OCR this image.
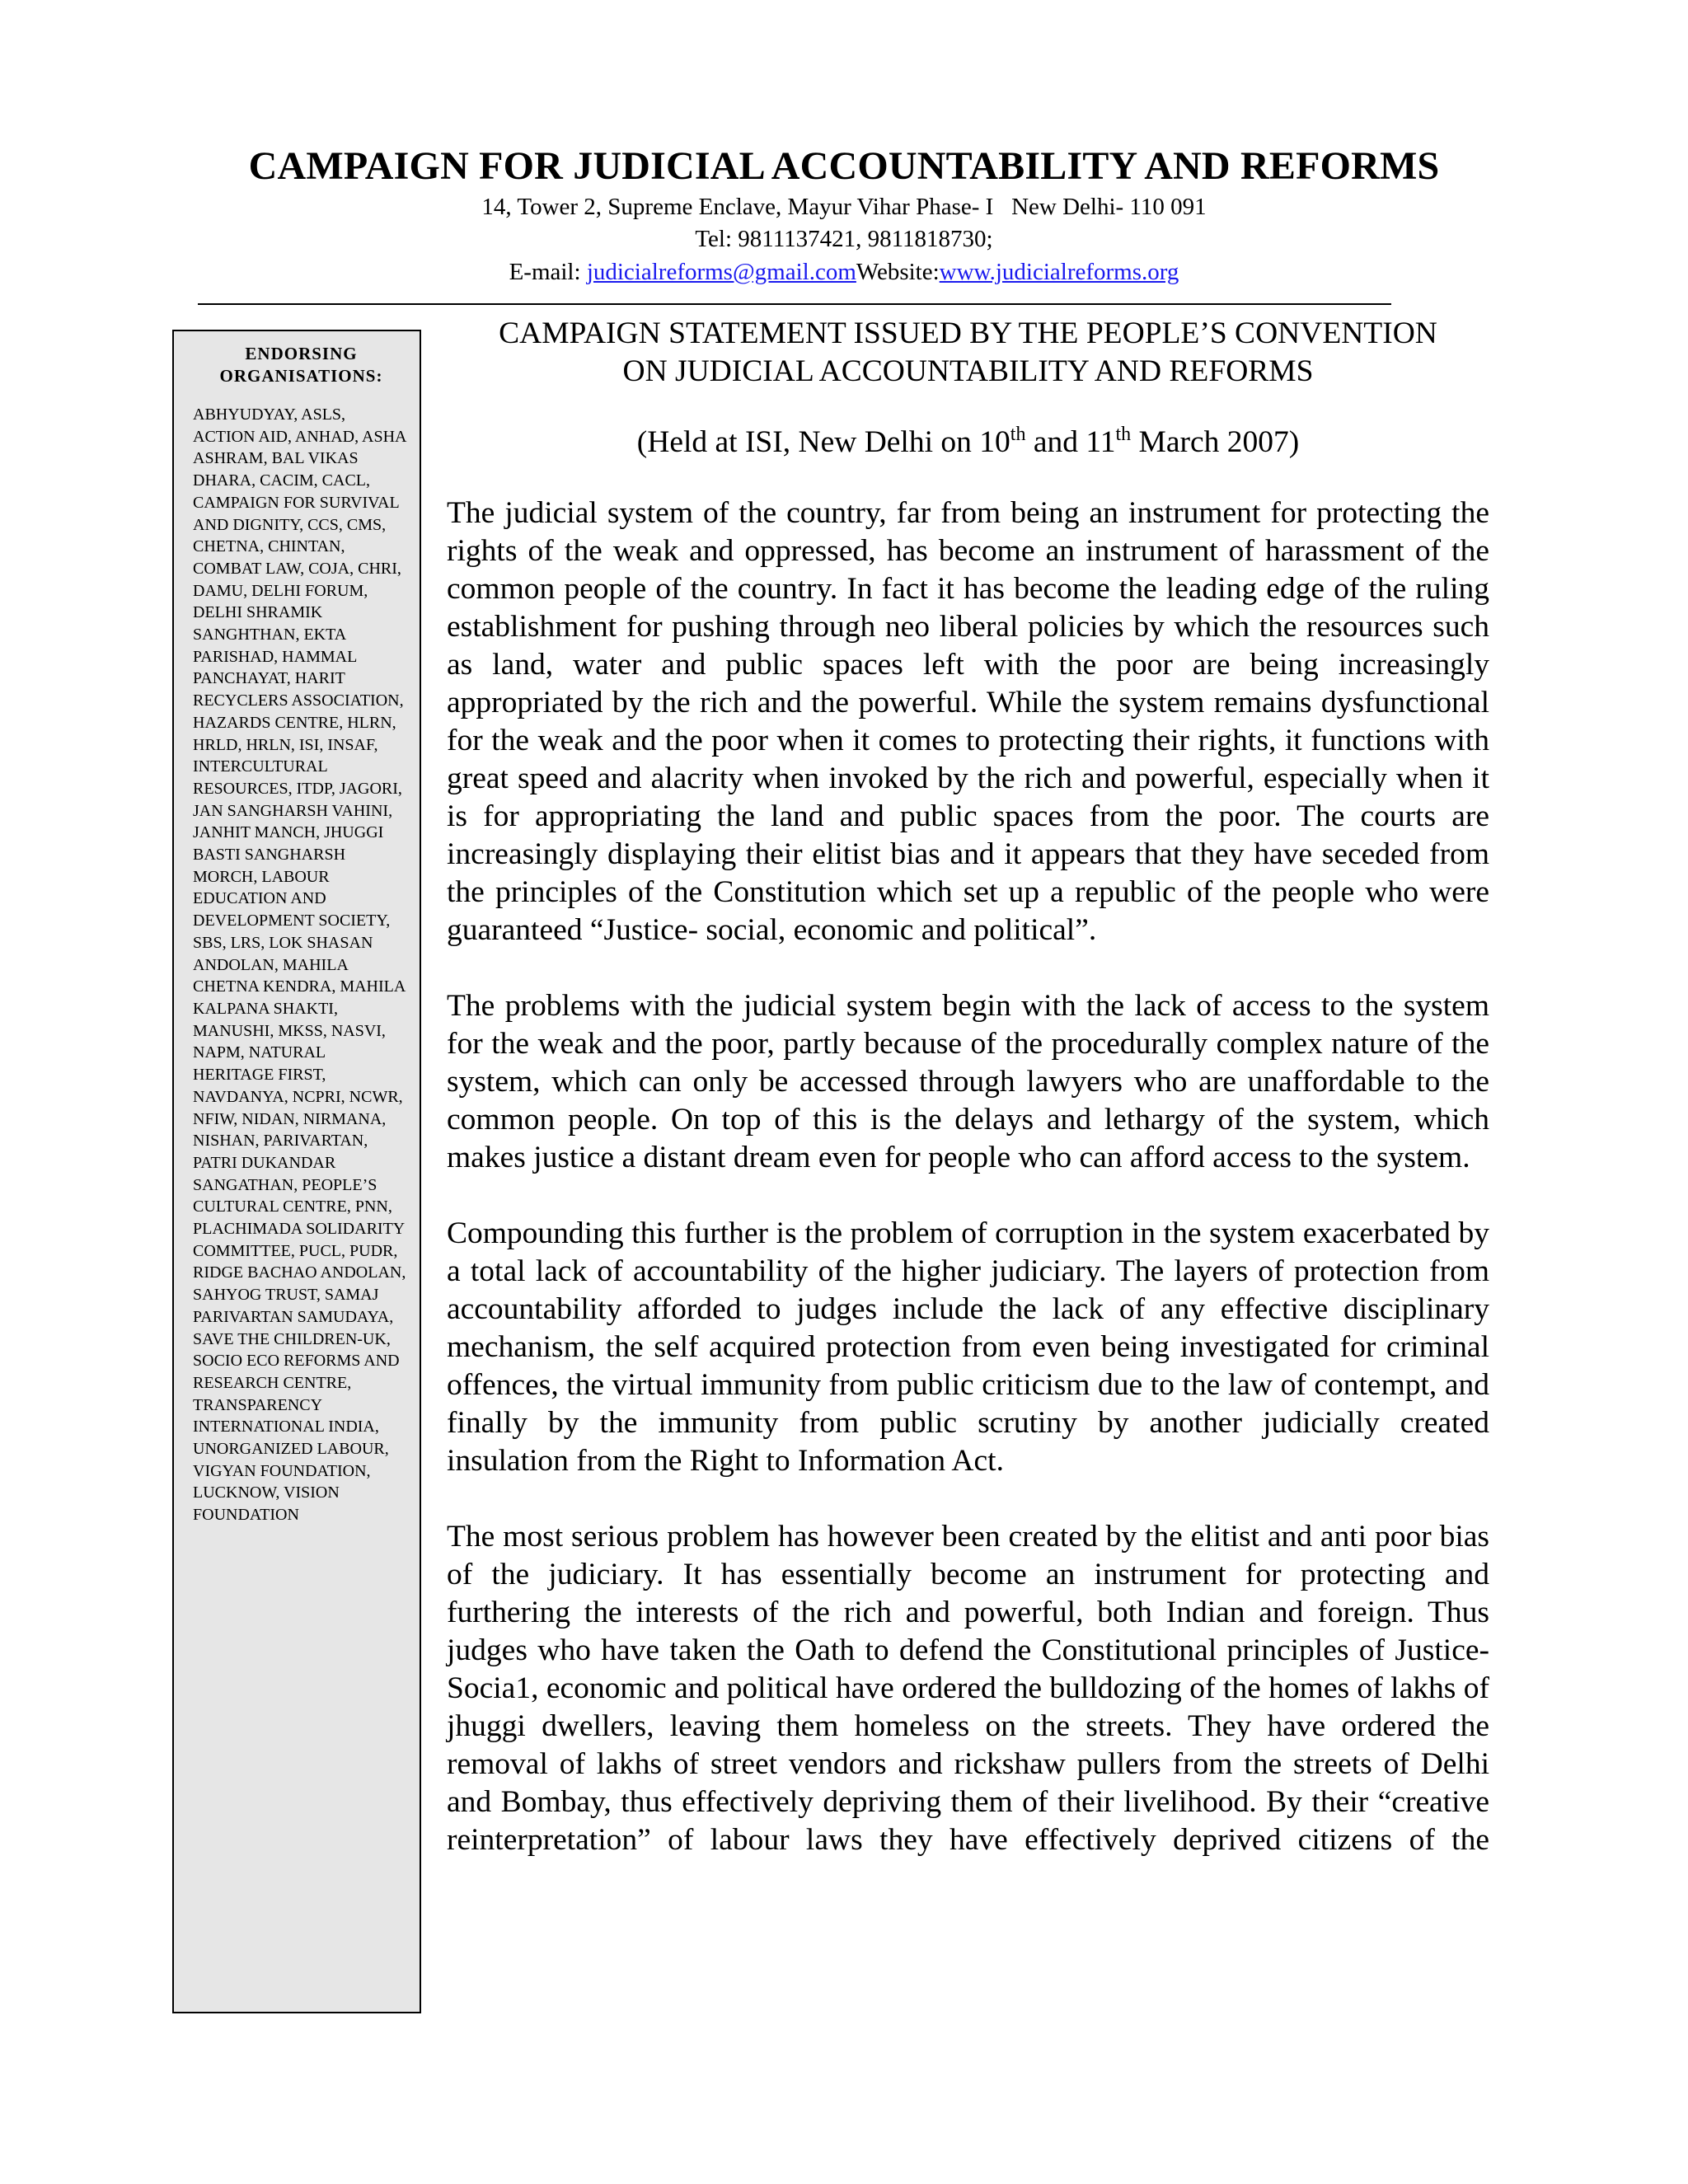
CAMPAIGN FOR JUDICIAL ACCOUNTABILITY AND REFORMS
14, Tower 2, Supreme Enclave, Mayur Vihar Phase- I   New Delhi- 110 091
Tel: 9811137421, 9811818730;
E-mail: judicialreforms@gmail.comWebsite:www.judicialreforms.org
ENDORSING ORGANISATIONS:
ABHYUDYAY, ASLS, ACTION AID, ANHAD, ASHA ASHRAM, BAL VIKAS DHARA, CACIM, CACL, CAMPAIGN FOR SURVIVAL AND DIGNITY, CCS, CMS, CHETNA, CHINTAN, COMBAT LAW, COJA, CHRI, DAMU, DELHI FORUM, DELHI SHRAMIK SANGHTHAN, EKTA PARISHAD, HAMMAL PANCHAYAT, HARIT RECYCLERS ASSOCIATION, HAZARDS CENTRE, HLRN, HRLD, HRLN, ISI, INSAF, INTERCULTURAL RESOURCES, ITDP, JAGORI, JAN SANGHARSH VAHINI, JANHIT MANCH, JHUGGI BASTI SANGHARSH MORCH, LABOUR EDUCATION AND DEVELOPMENT SOCIETY, SBS, LRS, LOK SHASAN ANDOLAN, MAHILA CHETNA KENDRA, MAHILA KALPANA SHAKTI, MANUSHI, MKSS, NASVI, NAPM, NATURAL HERITAGE FIRST, NAVDANYA, NCPRI, NCWR, NFIW, NIDAN, NIRMANA, NISHAN, PARIVARTAN, PATRI DUKANDAR SANGATHAN, PEOPLE’S CULTURAL CENTRE, PNN, PLACHIMADA SOLIDARITY COMMITTEE, PUCL, PUDR, RIDGE BACHAO ANDOLAN, SAHYOG TRUST, SAMAJ PARIVARTAN SAMUDAYA, SAVE THE CHILDREN-UK, SOCIO ECO REFORMS AND RESEARCH CENTRE, TRANSPARENCY INTERNATIONAL INDIA, UNORGANIZED LABOUR, VIGYAN FOUNDATION, LUCKNOW, VISION FOUNDATION
CAMPAIGN STATEMENT ISSUED BY THE PEOPLE’S CONVENTION
ON JUDICIAL ACCOUNTABILITY AND REFORMS
(Held at ISI, New Delhi on 10th and 11th March 2007)

The judicial system of the country, far from being an instrument for protecting the rights of the weak and oppressed, has become an instrument of harassment of the common people of the country. In fact it has become the leading edge of the ruling establishment for pushing through neo liberal policies by which the resources such as land, water and public spaces left with the poor are being increasingly appropriated by the rich and the powerful. While the system remains dysfunctional for the weak and the poor when it comes to protecting their rights, it functions with great speed and alacrity when invoked by the rich and powerful, especially when it is for appropriating the land and public spaces from the poor. The courts are increasingly displaying their elitist bias and it appears that they have seceded from the principles of the Constitution which set up a republic of the people who were guaranteed “Justice- social, economic and political”.

The problems with the judicial system begin with the lack of access to the system for the weak and the poor, partly because of the procedurally complex nature of the system, which can only be accessed through lawyers who are unaffordable to the common people. On top of this is the delays and lethargy of the system, which makes justice a distant dream even for people who can afford access to the system.

Compounding this further is the problem of corruption in the system exacerbated by a total lack of accountability of the higher judiciary. The layers of protection from accountability afforded to judges include the lack of any effective disciplinary mechanism, the self acquired protection from even being investigated for criminal offences, the virtual immunity from public criticism due to the law of contempt, and finally by the immunity from public scrutiny by another judicially created insulation from the Right to Information Act.

The most serious problem has however been created by the elitist and anti poor bias of the judiciary. It has essentially become an instrument for protecting and furthering the interests of the rich and powerful, both Indian and foreign. Thus judges who have taken the Oath to defend the Constitutional principles of Justice-Socia1, economic and political have ordered the bulldozing of the homes of lakhs of jhuggi dwellers, leaving them homeless on the streets. They have ordered the removal of lakhs of street vendors and rickshaw pullers from the streets of Delhi and Bombay, thus effectively depriving them of their livelihood. By their “creative reinterpretation” of labour laws they have effectively deprived citizens of the
